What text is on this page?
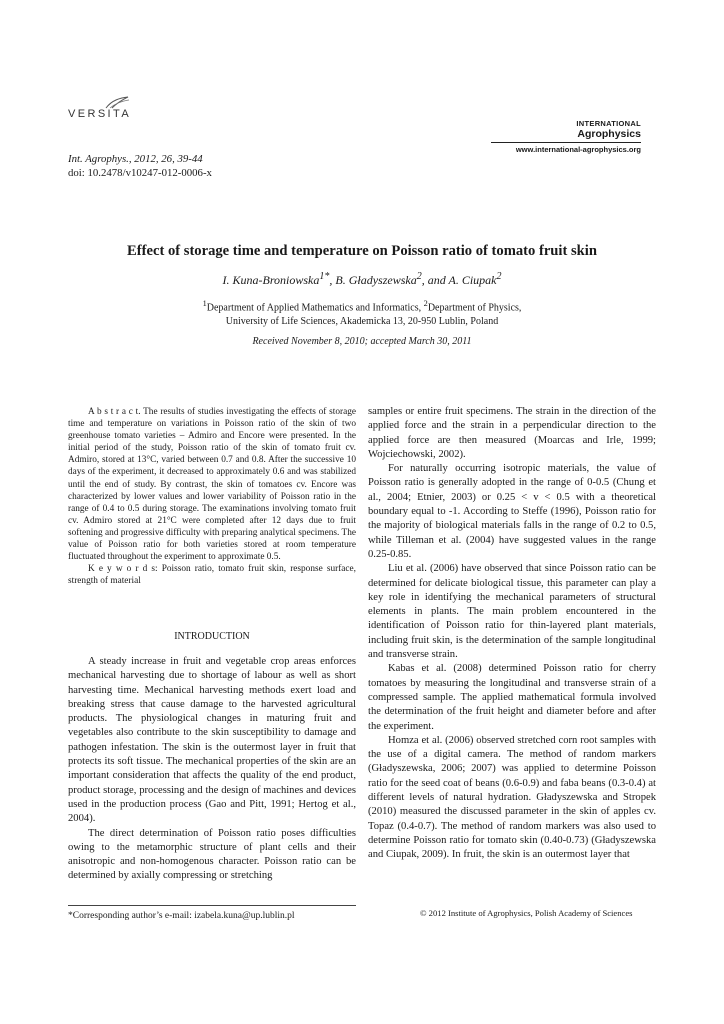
VERSITA
INTERNATIONAL
Agrophysics
www.international-agrophysics.org
Int. Agrophys., 2012, 26, 39-44
doi: 10.2478/v10247-012-0006-x
Effect of storage time and temperature on Poisson ratio of tomato fruit skin
I. Kuna-Broniowska$^{1*}$, B. Gładyszewska$^2$, and A. Ciupak$^2$
$^1$Department of Applied Mathematics and Informatics, $^2$Department of Physics,
University of Life Sciences, Akademicka 13, 20-950 Lublin, Poland
Received November 8, 2010; accepted March 30, 2011
A b s t r a c t. The results of studies investigating the effects of storage time and temperature on variations in Poisson ratio of the skin of two greenhouse tomato varieties – Admiro and Encore were presented. In the initial period of the study, Poisson ratio of the skin of tomato fruit cv. Admiro, stored at 13°C, varied between 0.7 and 0.8. After the successive 10 days of the experiment, it decreased to approximately 0.6 and was stabilized until the end of study. By contrast, the skin of tomatoes cv. Encore was characterized by lower values and lower variability of Poisson ratio in the range of 0.4 to 0.5 during storage. The examinations involving tomato fruit cv. Admiro stored at 21°C were completed after 12 days due to fruit softening and progressive difficulty with preparing analytical specimens. The value of Poisson ratio for both varieties stored at room temperature fluctuated throughout the experiment to approximate 0.5.
K e y w o r d s: Poisson ratio, tomato fruit skin, response surface, strength of material
INTRODUCTION

A steady increase in fruit and vegetable crop areas enforces mechanical harvesting due to shortage of labour as well as short harvesting time. Mechanical harvesting methods exert load and breaking stress that cause damage to the harvested agricultural products. The physiological changes in maturing fruit and vegetables also contribute to the skin susceptibility to damage and pathogen infestation. The skin is the outermost layer in fruit that protects its soft tissue. The mechanical properties of the skin are an important consideration that affects the quality of the end product, product storage, processing and the design of machines and devices used in the production process (Gao and Pitt, 1991; Hertog et al., 2004).

The direct determination of Poisson ratio poses difficulties owing to the metamorphic structure of plant cells and their anisotropic and non-homogenous character. Poisson ratio can be determined by axially compressing or stretching

samples or entire fruit specimens. The strain in the direction of the applied force and the strain in a perpendicular direction to the applied force are then measured (Moarcas and Irle, 1999; Wojciechowski, 2002).

For naturally occurring isotropic materials, the value of Poisson ratio is generally adopted in the range of 0-0.5 (Chung et al., 2004; Etnier, 2003) or 0.25 < v < 0.5 with a theoretical boundary equal to -1. According to Steffe (1996), Poisson ratio for the majority of biological materials falls in the range of 0.2 to 0.5, while Tilleman et al. (2004) have suggested values in the range 0.25-0.85.

Liu et al. (2006) have observed that since Poisson ratio can be determined for delicate biological tissue, this parameter can play a key role in identifying the mechanical parameters of structural elements in plants. The main problem encountered in the identification of Poisson ratio for thin-layered plant materials, including fruit skin, is the determination of the sample longitudinal and transverse strain.

Kabas et al. (2008) determined Poisson ratio for cherry tomatoes by measuring the longitudinal and transverse strain of a compressed sample. The applied mathematical formula involved the determination of the fruit height and diameter before and after the experiment.

Homza et al. (2006) observed stretched corn root samples with the use of a digital camera. The method of random markers (Gładyszewska, 2006; 2007) was applied to determine Poisson ratio for the seed coat of beans (0.6-0.9) and faba beans (0.3-0.4) at different levels of natural hydration. Gładyszewska and Stropek (2010) measured the discussed parameter in the skin of apples cv. Topaz (0.4-0.7). The method of random markers was also used to determine Poisson ratio for tomato skin (0.40-0.73) (Gładyszewska and Ciupak, 2009). In fruit, the skin is an outermost layer that

*Corresponding author’s e-mail: izabela.kuna@up.lublin.pl	© 2012 Institute of Agrophysics, Polish Academy of Sciences
